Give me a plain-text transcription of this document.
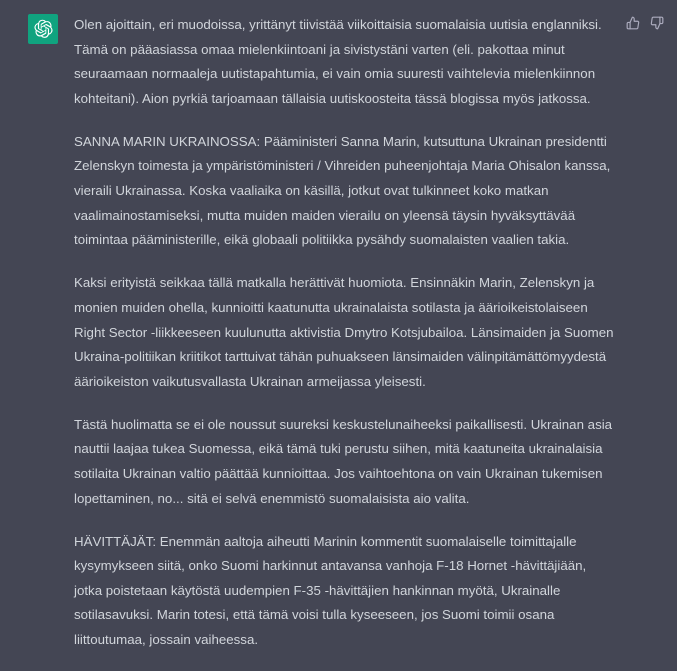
Olen ajoittain, eri muodoissa, yrittänyt tiivistää viikoittaisia suomalaisia uutisia englanniksi. Tämä on pääasiassa omaa mielenkiintoani ja sivistystäni varten (eli. pakottaa minut seuraamaan normaaleja uutistapahtumia, ei vain omia suuresti vaihtelevia mielenkiinnon kohteitani). Aion pyrkiä tarjoamaan tällaisia uutiskoosteita tässä blogissa myös jatkossa.

SANNA MARIN UKRAINOSSA: Pääministeri Sanna Marin, kutsuttuna Ukrainan presidentti Zelenskyn toimesta ja ympäristöministeri / Vihreiden puheenjohtaja Maria Ohisalon kanssa, vieraili Ukrainassa. Koska vaaliaika on käsillä, jotkut ovat tulkinneet koko matkan vaalimainostamiseksi, mutta muiden maiden vierailu on yleensä täysin hyväksyttävää toimintaa pääministerille, eikä globaali politiikka pysähdy suomalaisten vaalien takia.

Kaksi erityistä seikkaa tällä matkalla herättivät huomiota. Ensinnäkin Marin, Zelenskyn ja monien muiden ohella, kunnioitti kaatunutta ukrainalaista sotilasta ja äärioikeistolaiseen Right Sector -liikkeeseen kuulunutta aktivistia Dmytro Kotsjubailoa. Länsimaiden ja Suomen Ukraina-politiikan kriitikot tarttuivat tähän puhuakseen länsimaiden välinpitämättömyydestä äärioikeiston vaikutusvallasta Ukrainan armeijassa yleisesti.

Tästä huolimatta se ei ole noussut suureksi keskustelunaiheeksi paikallisesti. Ukrainan asia nauttii laajaa tukea Suomessa, eikä tämä tuki perustu siihen, mitä kaatuneita ukrainalaisia sotilaita Ukrainan valtio päättää kunnioittaa. Jos vaihtoehtona on vain Ukrainan tukemisen lopettaminen, no... sitä ei selvä enemmistö suomalaisista aio valita.

HÄVITTÄJÄT: Enemmän aaltoja aiheutti Marinin kommentit suomalaiselle toimittajalle kysymykseen siitä, onko Suomi harkinnut antavansa vanhoja F-18 Hornet -hävittäjiään, jotka poistetaan käytöstä uudempien F-35 -hävittäjien hankinnan myötä, Ukrainalle sotilasavuksi. Marin totesi, että tämä voisi tulla kyseeseen, jos Suomi toimii osana liittoutumaa, jossain vaiheessa.
